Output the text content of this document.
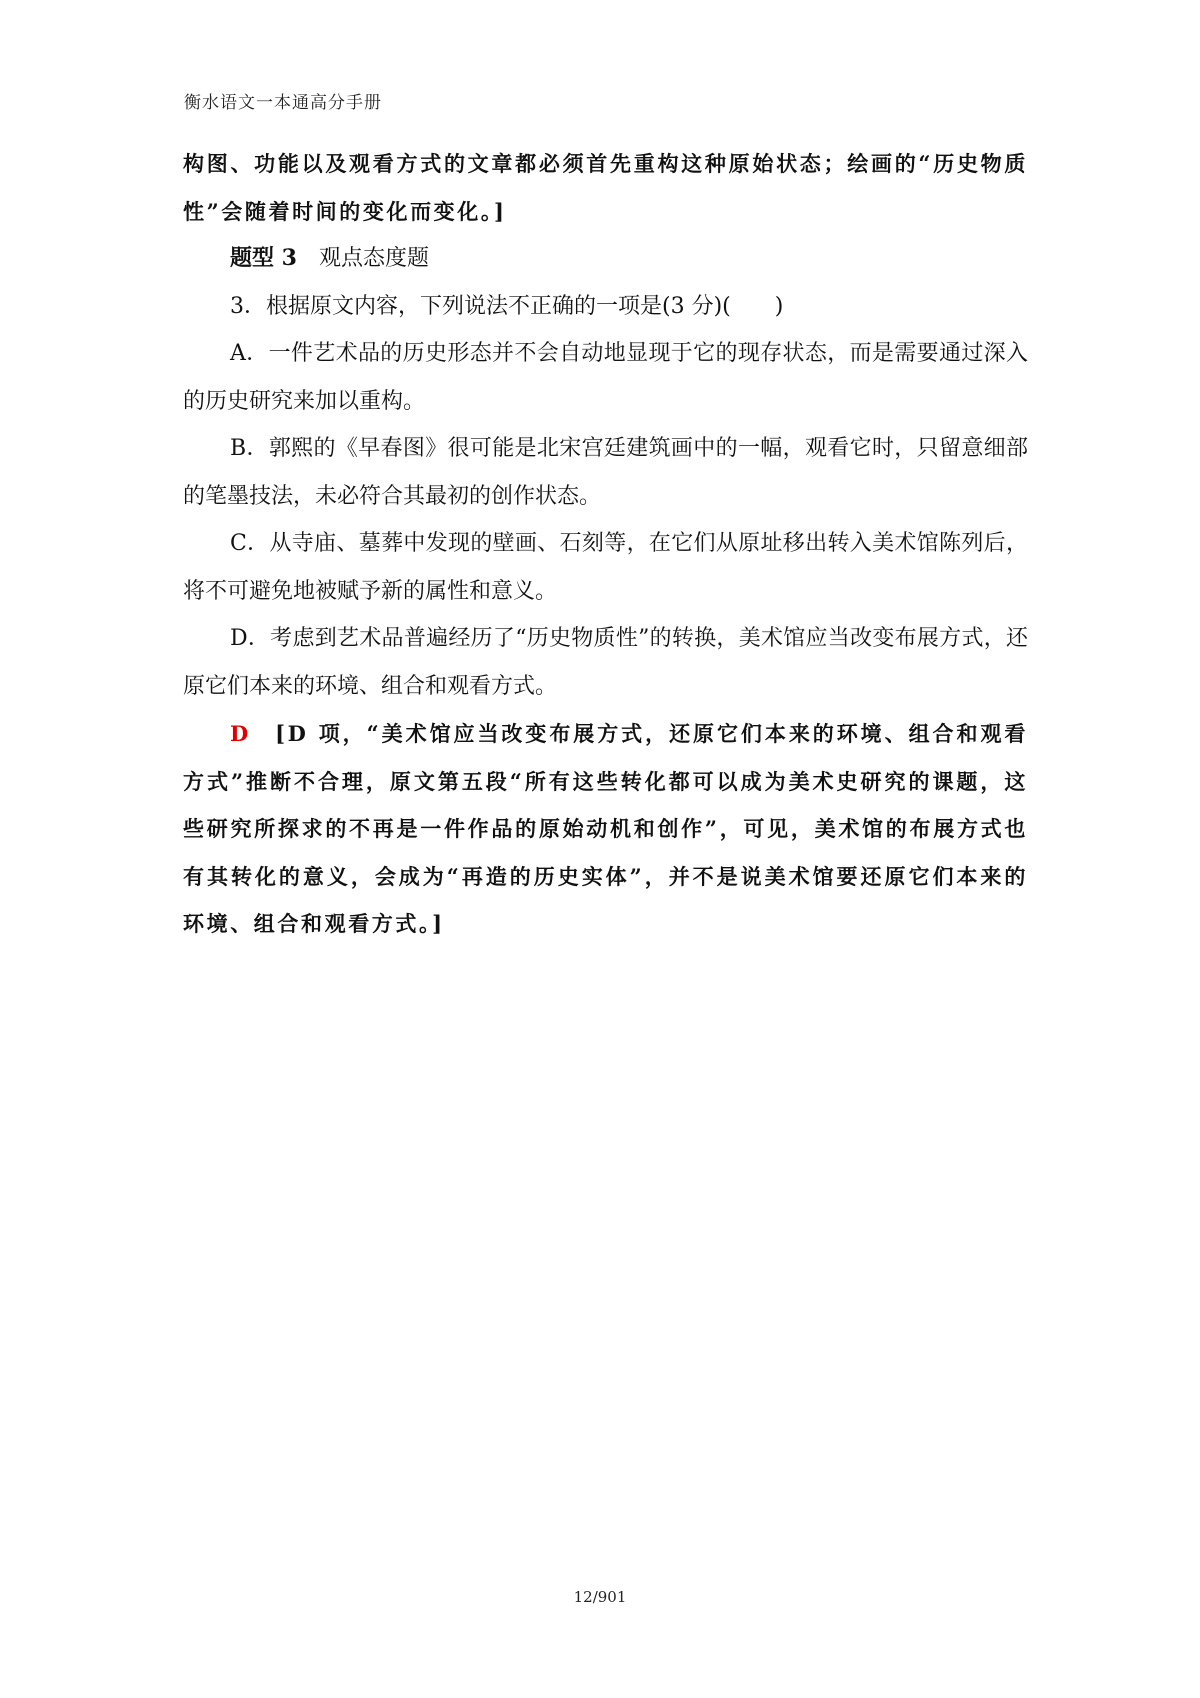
衡水语文一本通高分手册

构图、功能以及观看方式的文章都必须首先重构这种原始状态；绘画的“历史物质性”会随着时间的变化而变化。]

题型 3　 观点态度题

3．根据原文内容，下列说法不正确的一项是(3 分)(　　)

A．一件艺术品的历史形态并不会自动地显现于它的现存状态，而是需要通过深入的历史研究来加以重构。

B．郭熙的《早春图》很可能是北宋宫廷建筑画中的一幅，观看它时，只留意细部的笔墨技法，未必符合其最初的创作状态。

C．从寺庙、墓葬中发现的壁画、石刻等，在它们从原址移出转入美术馆陈列后，将不可避免地被赋予新的属性和意义。

D．考虑到艺术品普遍经历了“历史物质性”的转换，美术馆应当改变布展方式，还原它们本来的环境、组合和观看方式。

D　 [D 项，“美术馆应当改变布展方式，还原它们本来的环境、组合和观看方式”推断不合理，原文第五段“所有这些转化都可以成为美术史研究的课题，这些研究所探求的不再是一件作品的原始动机和创作”，可见，美术馆的布展方式也有其转化的意义，会成为“再造的历史实体”，并不是说美术馆要还原它们本来的环境、组合和观看方式。]

12/901
